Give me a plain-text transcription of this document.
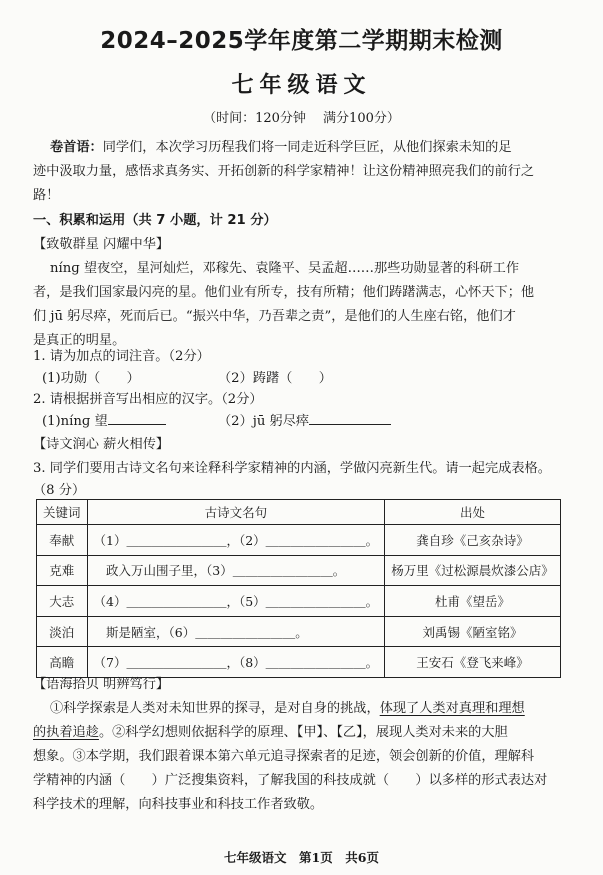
2024–2025学年度第二学期期末检测
七年级语文
（时间：120分钟　 满分100分）
卷首语：同学们，本次学习历程我们将一同走近科学巨匠，从他们探索未知的足
迹中汲取力量，感悟求真务实、开拓创新的科学家精神！让这份精神照亮我们的前行之
路！
一、积累和运用（共 7 小题，计 21 分）
【致敬群星 闪耀中华】
nínɡ 望夜空，星河灿烂，邓稼先、袁隆平、吴孟超……那些功勋显著的科研工作
者，是我们国家最闪亮的星。他们业有所专，技有所精；他们踌躇满志，心怀天下；他
们 jū 躬尽瘁，死而后已。“振兴中华，乃吾辈之责”，是他们的人生座右铭，他们才
是真正的明星。
1. 请为加点的词注音。（2分）
(1)功勋（　　）	（2）踌躇（　　）
2. 请根据拼音写出相应的汉字。（2分）
(1)nínɡ 望	（2）jū 躬尽瘁
【诗文润心 薪火相传】
3. 同学们要用古诗文名句来诠释科学家精神的内涵，学做闪亮新生代。请一起完成表格。
（8 分）
关键词	古诗文名句	出处
奉献	（1）＿＿＿＿＿＿＿＿，（2）＿＿＿＿＿＿＿＿。	龚自珍《己亥杂诗》
克难	　政入万山围子里，（3）＿＿＿＿＿＿＿＿。	杨万里《过松源晨炊漆公店》
大志	（4）＿＿＿＿＿＿＿＿，（5）＿＿＿＿＿＿＿＿。	杜甫《望岳》
淡泊	　斯是陋室，（6）＿＿＿＿＿＿＿＿。	刘禹锡《陋室铭》
高瞻	（7）＿＿＿＿＿＿＿＿，（8）＿＿＿＿＿＿＿＿。	王安石《登飞来峰》
【语海拾贝 明辨笃行】
①科学探索是人类对未知世界的探寻，是对自身的挑战，体现了人类对真理和理想
的执着追趁。②科学幻想则依据科学的原理、【甲】、【乙】，展现人类对未来的大胆
想象。③本学期，我们跟着课本第六单元追寻探索者的足迹，领会创新的价值，理解科
学精神的内涵（　　）广泛搜集资料，了解我国的科技成就（　　）以多样的形式表达对
科学技术的理解，向科技事业和科技工作者致敬。
七年级语文　第1页　共6页
